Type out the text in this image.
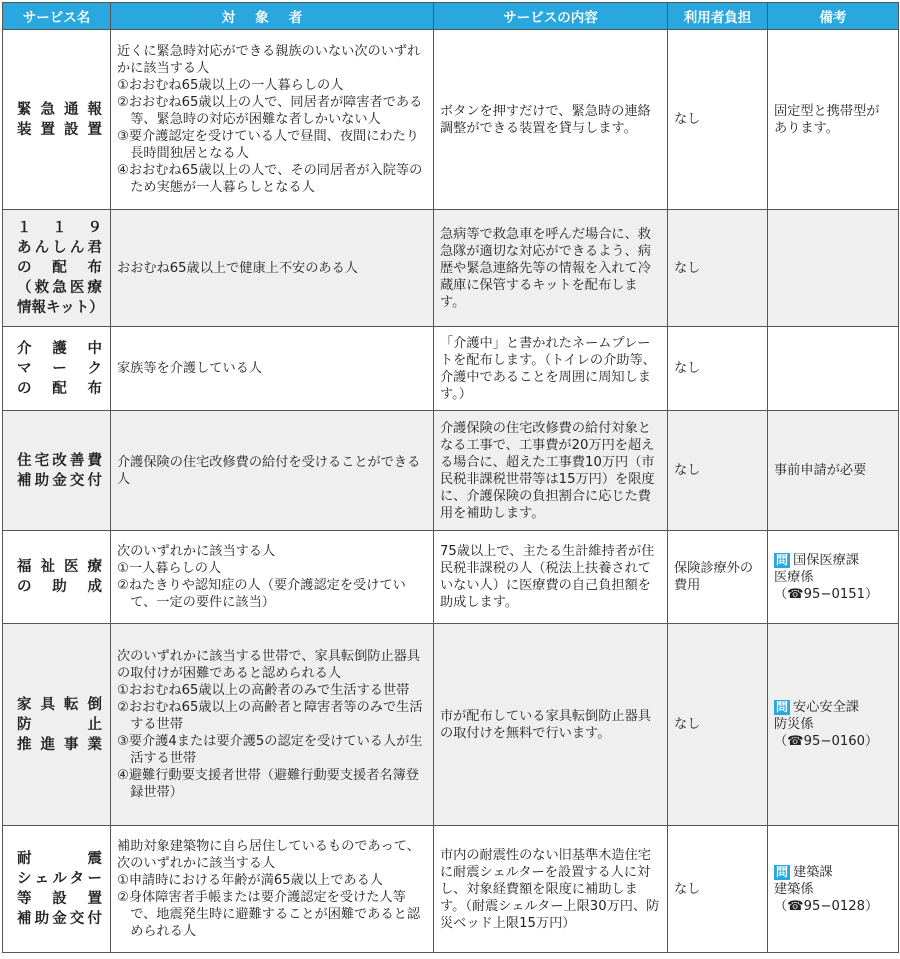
サービス名	対象者	サービスの内容	利用者負担	備考

緊急通報
装置設置	近くに緊急時対応ができる親族のいない次のいずれかに該当する人
①おおむね65歳以上の一人暮らしの人
②おおむね65歳以上の人で、同居者が障害者である等、緊急時の対応が困難な者しかいない人
③要介護認定を受けている人で昼間、夜間にわたり長時間独居となる人
④おおむね65歳以上の人で、その同居者が入院等のため実態が一人暮らしとなる人	ボタンを押すだけで、緊急時の連絡調整ができる装置を貸与します。	なし	固定型と携帯型があります。

１１９
あんしん君
の配布
（救急医療
情報キット）	おおむね65歳以上で健康上不安のある人	急病等で救急車を呼んだ場合に、救急隊が適切な対応ができるよう、病歴や緊急連絡先等の情報を入れて冷蔵庫に保管するキットを配布します。	なし	

介護中
マーク
の配布	家族等を介護している人	「介護中」と書かれたネームプレートを配布します。（トイレの介助等、介護中であることを周囲に周知します。）	なし	

住宅改善費
補助金交付	介護保険の住宅改修費の給付を受けることができる人	介護保険の住宅改修費の給付対象となる工事で、工事費が20万円を超える場合に、超えた工事費10万円（市民税非課税世帯等は15万円）を限度に、介護保険の負担割合に応じた費用を補助します。	なし	事前申請が必要

福祉医療
の助成	次のいずれかに該当する人
①一人暮らしの人
②ねたきりや認知症の人（要介護認定を受けていて、一定の要件に該当）	75歳以上で、主たる生計維持者が住民税非課税の人（税法上扶養されていない人）に医療費の自己負担額を助成します。	保険診療外の費用	問 国保医療課
医療係
（☎95−0151）

家具転倒
防止
推進事業	次のいずれかに該当する世帯で、家具転倒防止器具の取付けが困難であると認められる人
①おおむね65歳以上の高齢者のみで生活する世帯
②おおむね65歳以上の高齢者と障害者等のみで生活する世帯
③要介護4または要介護5の認定を受けている人が生活する世帯
④避難行動要支援者世帯（避難行動要支援者名簿登録世帯）	市が配布している家具転倒防止器具の取付けを無料で行います。	なし	問 安心安全課
防災係
（☎95−0160）

耐震
シェルター
等設置
補助金交付	補助対象建築物に自ら居住しているものであって、次のいずれかに該当する人
①申請時における年齢が満65歳以上である人
②身体障害者手帳または要介護認定を受けた人等で、地震発生時に避難することが困難であると認められる人	市内の耐震性のない旧基準木造住宅に耐震シェルターを設置する人に対し、対象経費額を限度に補助します。（耐震シェルター上限30万円、防災ベッド上限15万円）	なし	問 建築課
建築係
（☎95−0128）
